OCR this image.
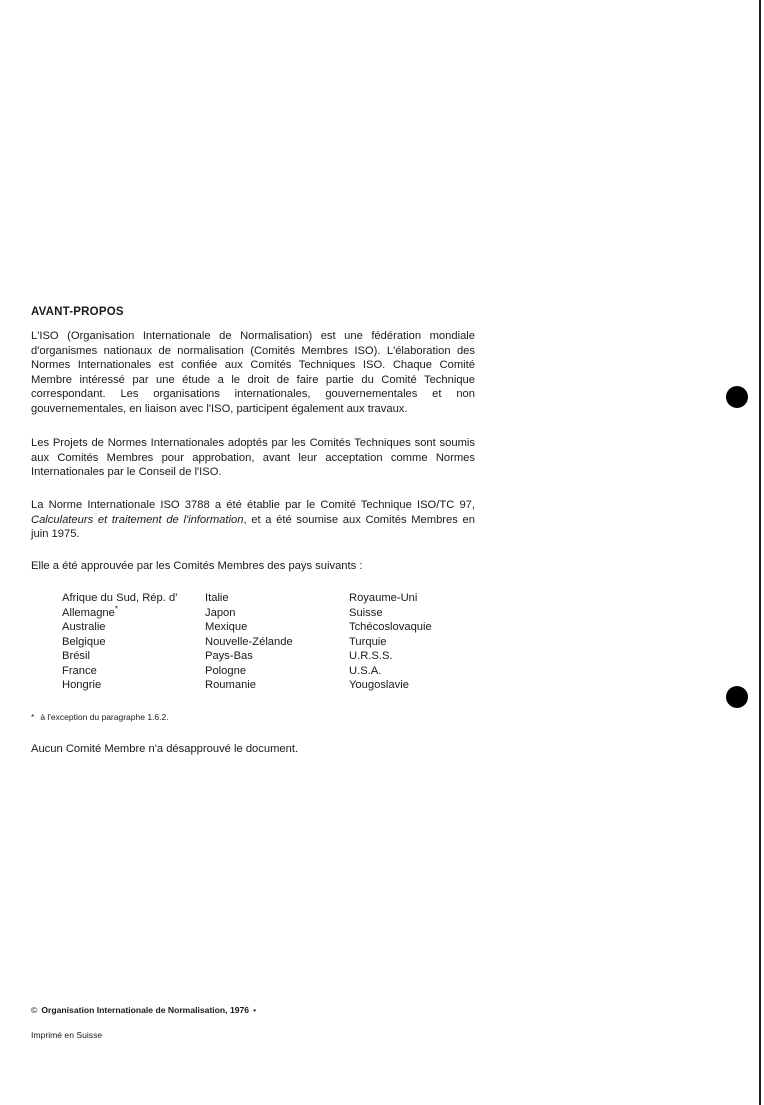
AVANT-PROPOS

L'ISO (Organisation Internationale de Normalisation) est une fédération mondiale d'organismes nationaux de normalisation (Comités Membres ISO). L'élaboration des Normes Internationales est confiée aux Comités Techniques ISO. Chaque Comité Membre intéressé par une étude a le droit de faire partie du Comité Technique correspondant. Les organisations internationales, gouvernementales et non gouvernementales, en liaison avec l'ISO, participent également aux travaux.

Les Projets de Normes Internationales adoptés par les Comités Techniques sont soumis aux Comités Membres pour approbation, avant leur acceptation comme Normes Internationales par le Conseil de l'ISO.

La Norme Internationale ISO 3788 a été établie par le Comité Technique ISO/TC 97, Calculateurs et traitement de l'information, et a été soumise aux Comités Membres en juin 1975.

Elle a été approuvée par les Comités Membres des pays suivants :

Afrique du Sud, Rép. d'
Allemagne*
Australie
Belgique
Brésil
France
Hongrie
Italie
Japon
Mexique
Nouvelle-Zélande
Pays-Bas
Pologne
Roumanie
Royaume-Uni
Suisse
Tchécoslovaquie
Turquie
U.R.S.S.
U.S.A.
Yougoslavie
* à l'exception du paragraphe 1.6.2.

Aucun Comité Membre n'a désapprouvé le document.

© Organisation Internationale de Normalisation, 1976 •
Imprimé en Suisse
